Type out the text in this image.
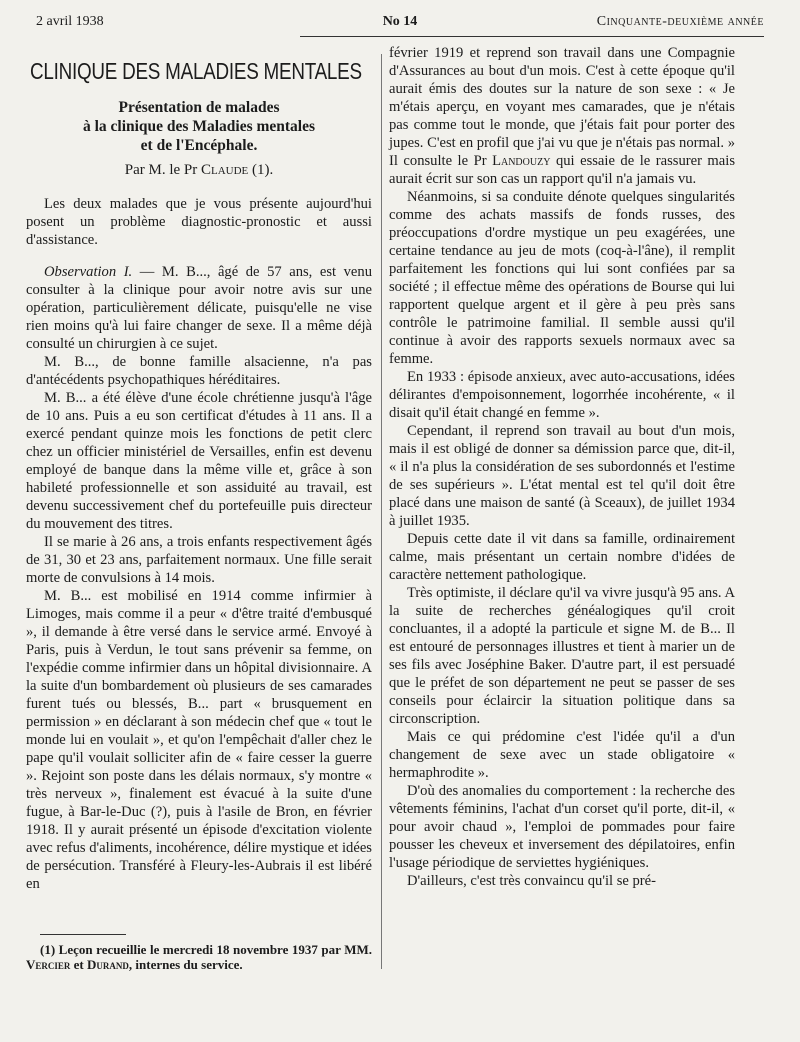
2 avril 1938	No 14	Cinquante-deuxième année
CLINIQUE DES MALADIES MENTALES
Présentation de malades
à la clinique des Maladies mentales
et de l'Encéphale.
Par M. le Pr Claude (1).

Les deux malades que je vous présente aujourd'hui posent un problème diagnostic-pronostic et aussi d'assistance.

Observation I. — M. B..., âgé de 57 ans, est venu consulter à la clinique pour avoir notre avis sur une opération, particulièrement délicate, puisqu'elle ne vise rien moins qu'à lui faire changer de sexe. Il a même déjà consulté un chirurgien à ce sujet.

M. B..., de bonne famille alsacienne, n'a pas d'antécédents psychopathiques héréditaires.

M. B... a été élève d'une école chrétienne jusqu'à l'âge de 10 ans. Puis a eu son certificat d'études à 11 ans. Il a exercé pendant quinze mois les fonctions de petit clerc chez un officier ministériel de Versailles, enfin est devenu employé de banque dans la même ville et, grâce à son habileté professionnelle et son assiduité au travail, est devenu successivement chef du portefeuille puis directeur du mouvement des titres.

Il se marie à 26 ans, a trois enfants respectivement âgés de 31, 30 et 23 ans, parfaitement normaux. Une fille serait morte de convulsions à 14 mois.

M. B... est mobilisé en 1914 comme infirmier à Limoges, mais comme il a peur « d'être traité d'embusqué », il demande à être versé dans le service armé. Envoyé à Paris, puis à Verdun, le tout sans prévenir sa femme, on l'expédie comme infirmier dans un hôpital divisionnaire. A la suite d'un bombardement où plusieurs de ses camarades furent tués ou blessés, B... part « brusquement en permission » en déclarant à son médecin chef que « tout le monde lui en voulait », et qu'on l'empêchait d'aller chez le pape qu'il voulait solliciter afin de « faire cesser la guerre ». Rejoint son poste dans les délais normaux, s'y montre « très nerveux », finalement est évacué à la suite d'une fugue, à Bar-le-Duc (?), puis à l'asile de Bron, en février 1918. Il y aurait présenté un épisode d'excitation violente avec refus d'aliments, incohérence, délire mystique et idées de persécution. Transféré à Fleury-les-Aubrais il est libéré en

février 1919 et reprend son travail dans une Compagnie d'Assurances au bout d'un mois. C'est à cette époque qu'il aurait émis des doutes sur la nature de son sexe : « Je m'étais aperçu, en voyant mes camarades, que je n'étais pas comme tout le monde, que j'étais fait pour porter des jupes. C'est en profil que j'ai vu que je n'étais pas normal. » Il consulte le Pr Landouzy qui essaie de le rassurer mais aurait écrit sur son cas un rapport qu'il n'a jamais vu.

Néanmoins, si sa conduite dénote quelques singularités comme des achats massifs de fonds russes, des préoccupations d'ordre mystique un peu exagérées, une certaine tendance au jeu de mots (coq-à-l'âne), il remplit parfaitement les fonctions qui lui sont confiées par sa société ; il effectue même des opérations de Bourse qui lui rapportent quelque argent et il gère à peu près sans contrôle le patrimoine familial. Il semble aussi qu'il continue à avoir des rapports sexuels normaux avec sa femme.

En 1933 : épisode anxieux, avec auto-accusations, idées délirantes d'empoisonnement, logorrhée incohérente, « il disait qu'il était changé en femme ».

Cependant, il reprend son travail au bout d'un mois, mais il est obligé de donner sa démission parce que, dit-il, « il n'a plus la considération de ses subordonnés et l'estime de ses supérieurs ». L'état mental est tel qu'il doit être placé dans une maison de santé (à Sceaux), de juillet 1934 à juillet 1935.

Depuis cette date il vit dans sa famille, ordinairement calme, mais présentant un certain nombre d'idées de caractère nettement pathologique.

Très optimiste, il déclare qu'il va vivre jusqu'à 95 ans. A la suite de recherches généalogiques qu'il croit concluantes, il a adopté la particule et signe M. de B... Il est entouré de personnages illustres et tient à marier un de ses fils avec Joséphine Baker. D'autre part, il est persuadé que le préfet de son département ne peut se passer de ses conseils pour éclaircir la situation politique dans sa circonscription.

Mais ce qui prédomine c'est l'idée qu'il a d'un changement de sexe avec un stade obligatoire « hermaphrodite ».

D'où des anomalies du comportement : la recherche des vêtements féminins, l'achat d'un corset qu'il porte, dit-il, « pour avoir chaud », l'emploi de pommades pour faire pousser les cheveux et inversement des dépilatoires, enfin l'usage périodique de serviettes hygiéniques.

D'ailleurs, c'est très convaincu qu'il se pré-

(1) Leçon recueillie le mercredi 18 novembre 1937 par MM. Vercier et Durand, internes du service.
